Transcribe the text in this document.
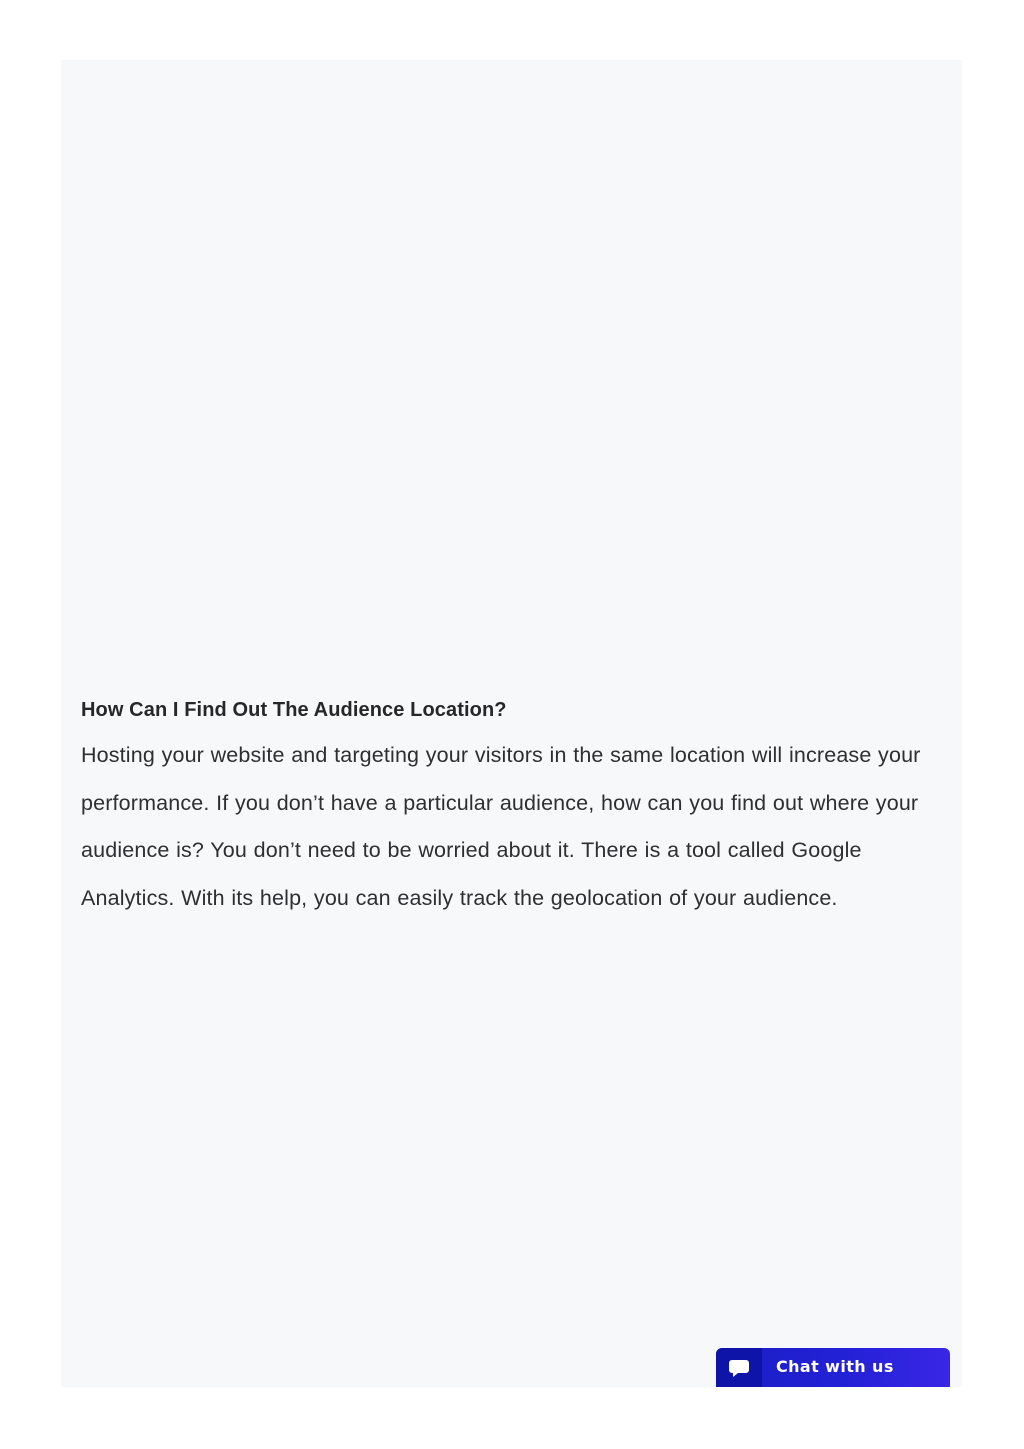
How Can I Find Out The Audience Location?

Hosting your website and targeting your visitors in the same location will increase your performance. If you don’t have a particular audience, how can you find out where your audience is? You don’t need to be worried about it. There is a tool called Google Analytics. With its help, you can easily track the geolocation of your audience.

Chat with us
